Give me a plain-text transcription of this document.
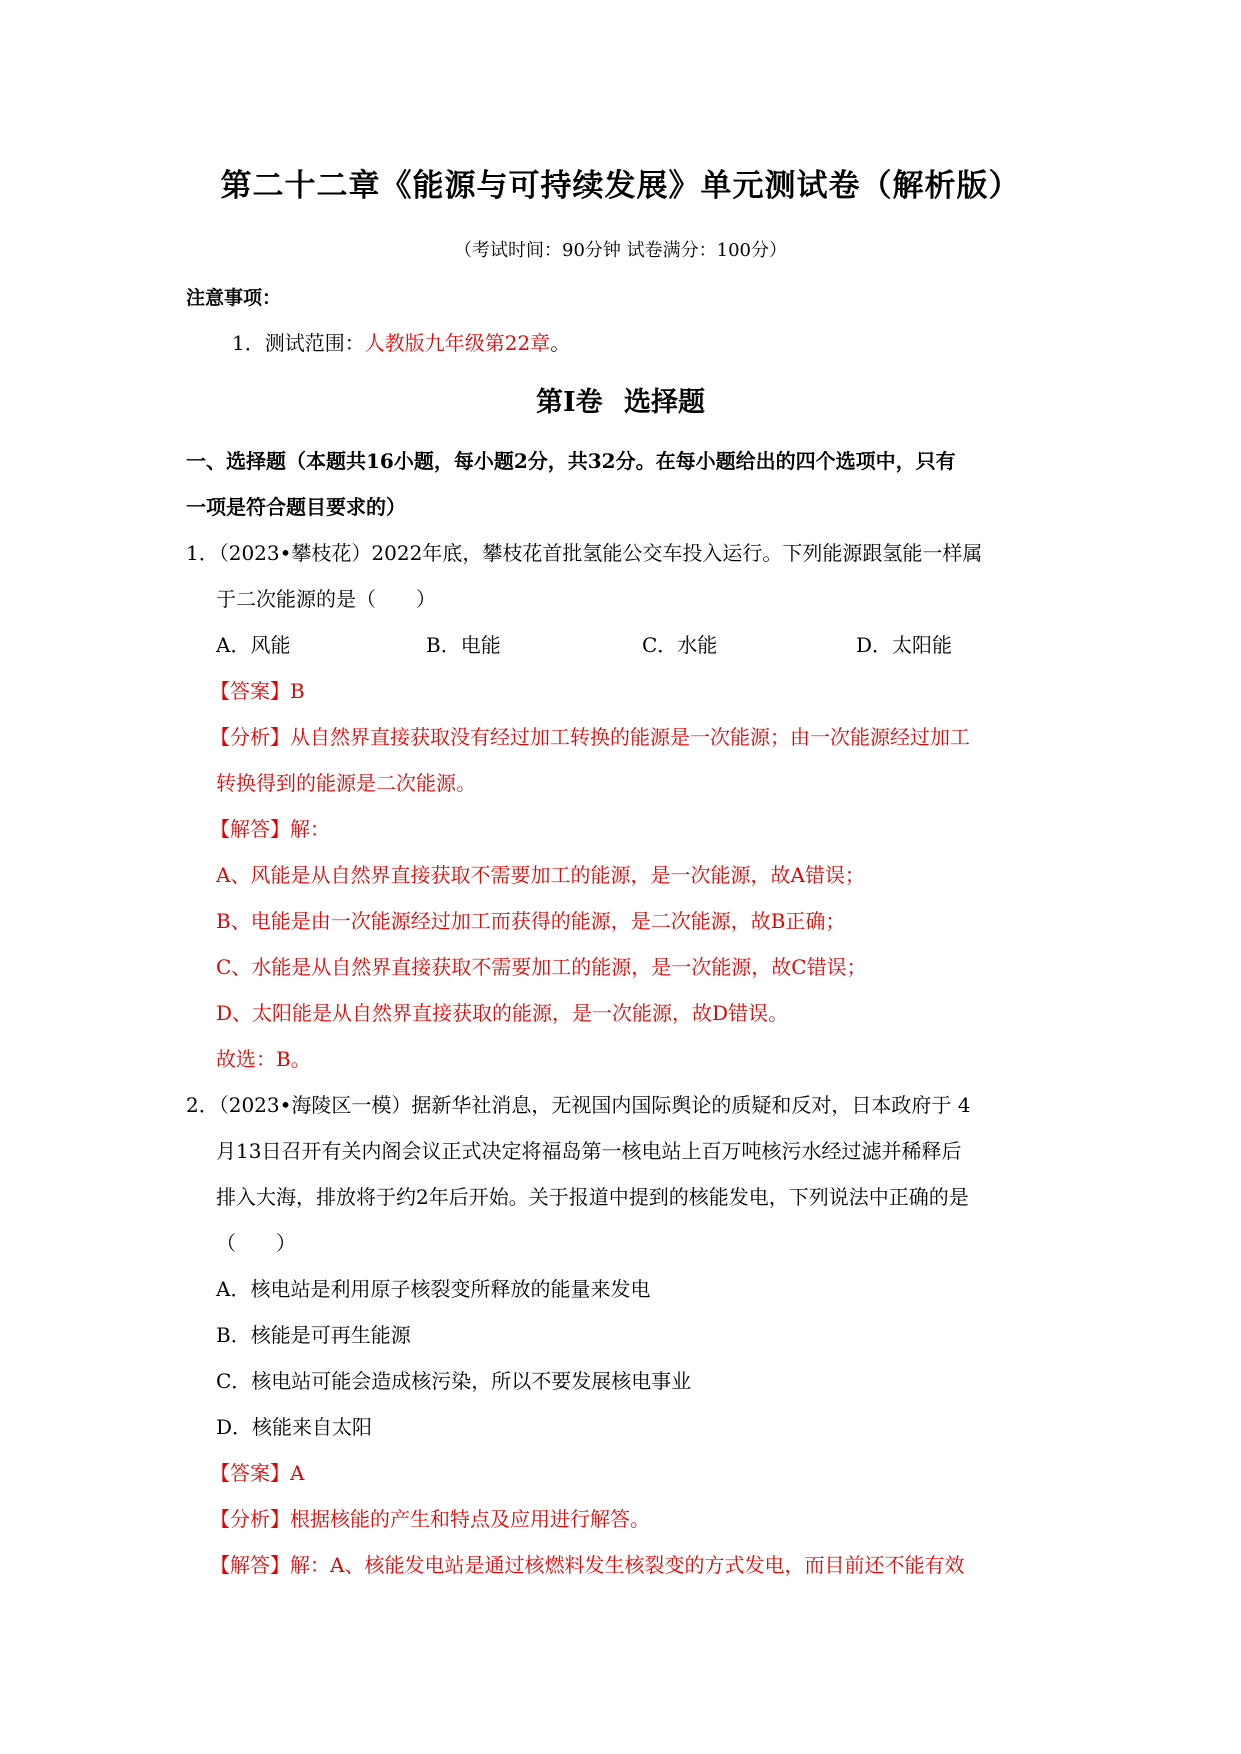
第二十二章《能源与可持续发展》单元测试卷（解析版）
（考试时间：90分钟 试卷满分：100分）
注意事项：
1．测试范围：人教版九年级第22章。
第Ⅰ卷 选择题
一、选择题（本题共16小题，每小题2分，共32分。在每小题给出的四个选项中，只有
一项是符合题目要求的）
1．（2023•攀枝花）2022年底，攀枝花首批氢能公交车投入运行。下列能源跟氢能一样属
于二次能源的是（　　）
A．风能	B．电能	C．水能	D．太阳能
【答案】B
【分析】从自然界直接获取没有经过加工转换的能源是一次能源；由一次能源经过加工
转换得到的能源是二次能源。
【解答】解：
A、风能是从自然界直接获取不需要加工的能源，是一次能源，故A错误；
B、电能是由一次能源经过加工而获得的能源，是二次能源，故B正确；
C、水能是从自然界直接获取不需要加工的能源，是一次能源，故C错误；
D、太阳能是从自然界直接获取的能源，是一次能源，故D错误。
故选：B。
2．（2023•海陵区一模）据新华社消息，无视国内国际舆论的质疑和反对，日本政府于 4
月13日召开有关内阁会议正式决定将福岛第一核电站上百万吨核污水经过滤并稀释后
排入大海，排放将于约2年后开始。关于报道中提到的核能发电，下列说法中正确的是
（　　）
A．核电站是利用原子核裂变所释放的能量来发电
B．核能是可再生能源
C．核电站可能会造成核污染，所以不要发展核电事业
D．核能来自太阳
【答案】A
【分析】根据核能的产生和特点及应用进行解答。
【解答】解：A、核能发电站是通过核燃料发生核裂变的方式发电，而目前还不能有效
